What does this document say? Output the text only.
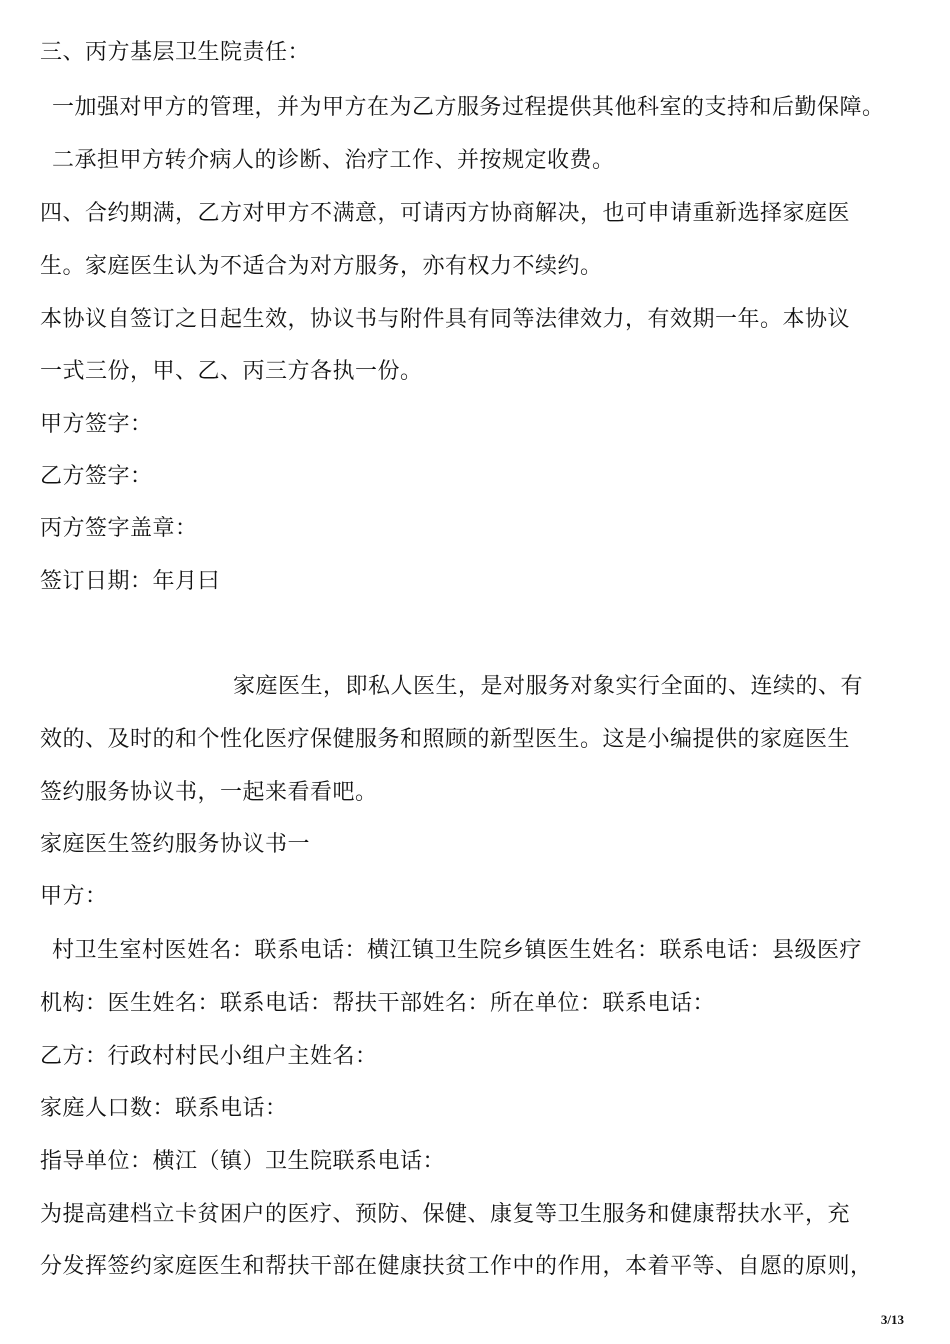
三、丙方基层卫生院责任：
一加强对甲方的管理，并为甲方在为乙方服务过程提供其他科室的支持和后勤保障。
二承担甲方转介病人的诊断、治疗工作、并按规定收费。
四、合约期满，乙方对甲方不满意，可请丙方协商解决，也可申请重新选择家庭医
生。家庭医生认为不适合为对方服务，亦有权力不续约。
本协议自签订之日起生效，协议书与附件具有同等法律效力，有效期一年。本协议
一式三份，甲、乙、丙三方各执一份。
甲方签字：
乙方签字：
丙方签字盖章：
签订日期：年月曰
家庭医生，即私人医生，是对服务对象实行全面的、连续的、有
效的、及时的和个性化医疗保健服务和照顾的新型医生。这是小编提供的家庭医生
签约服务协议书，一起来看看吧。
家庭医生签约服务协议书一
甲方：
村卫生室村医姓名：联系电话：横江镇卫生院乡镇医生姓名：联系电话：县级医疗
机构：医生姓名：联系电话：帮扶干部姓名：所在单位：联系电话：
乙方：行政村村民小组户主姓名：
家庭人口数：联系电话：
指导单位：横江（镇）卫生院联系电话：
为提高建档立卡贫困户的医疗、预防、保健、康复等卫生服务和健康帮扶水平，充
分发挥签约家庭医生和帮扶干部在健康扶贫工作中的作用，本着平等、自愿的原则，
3/13
